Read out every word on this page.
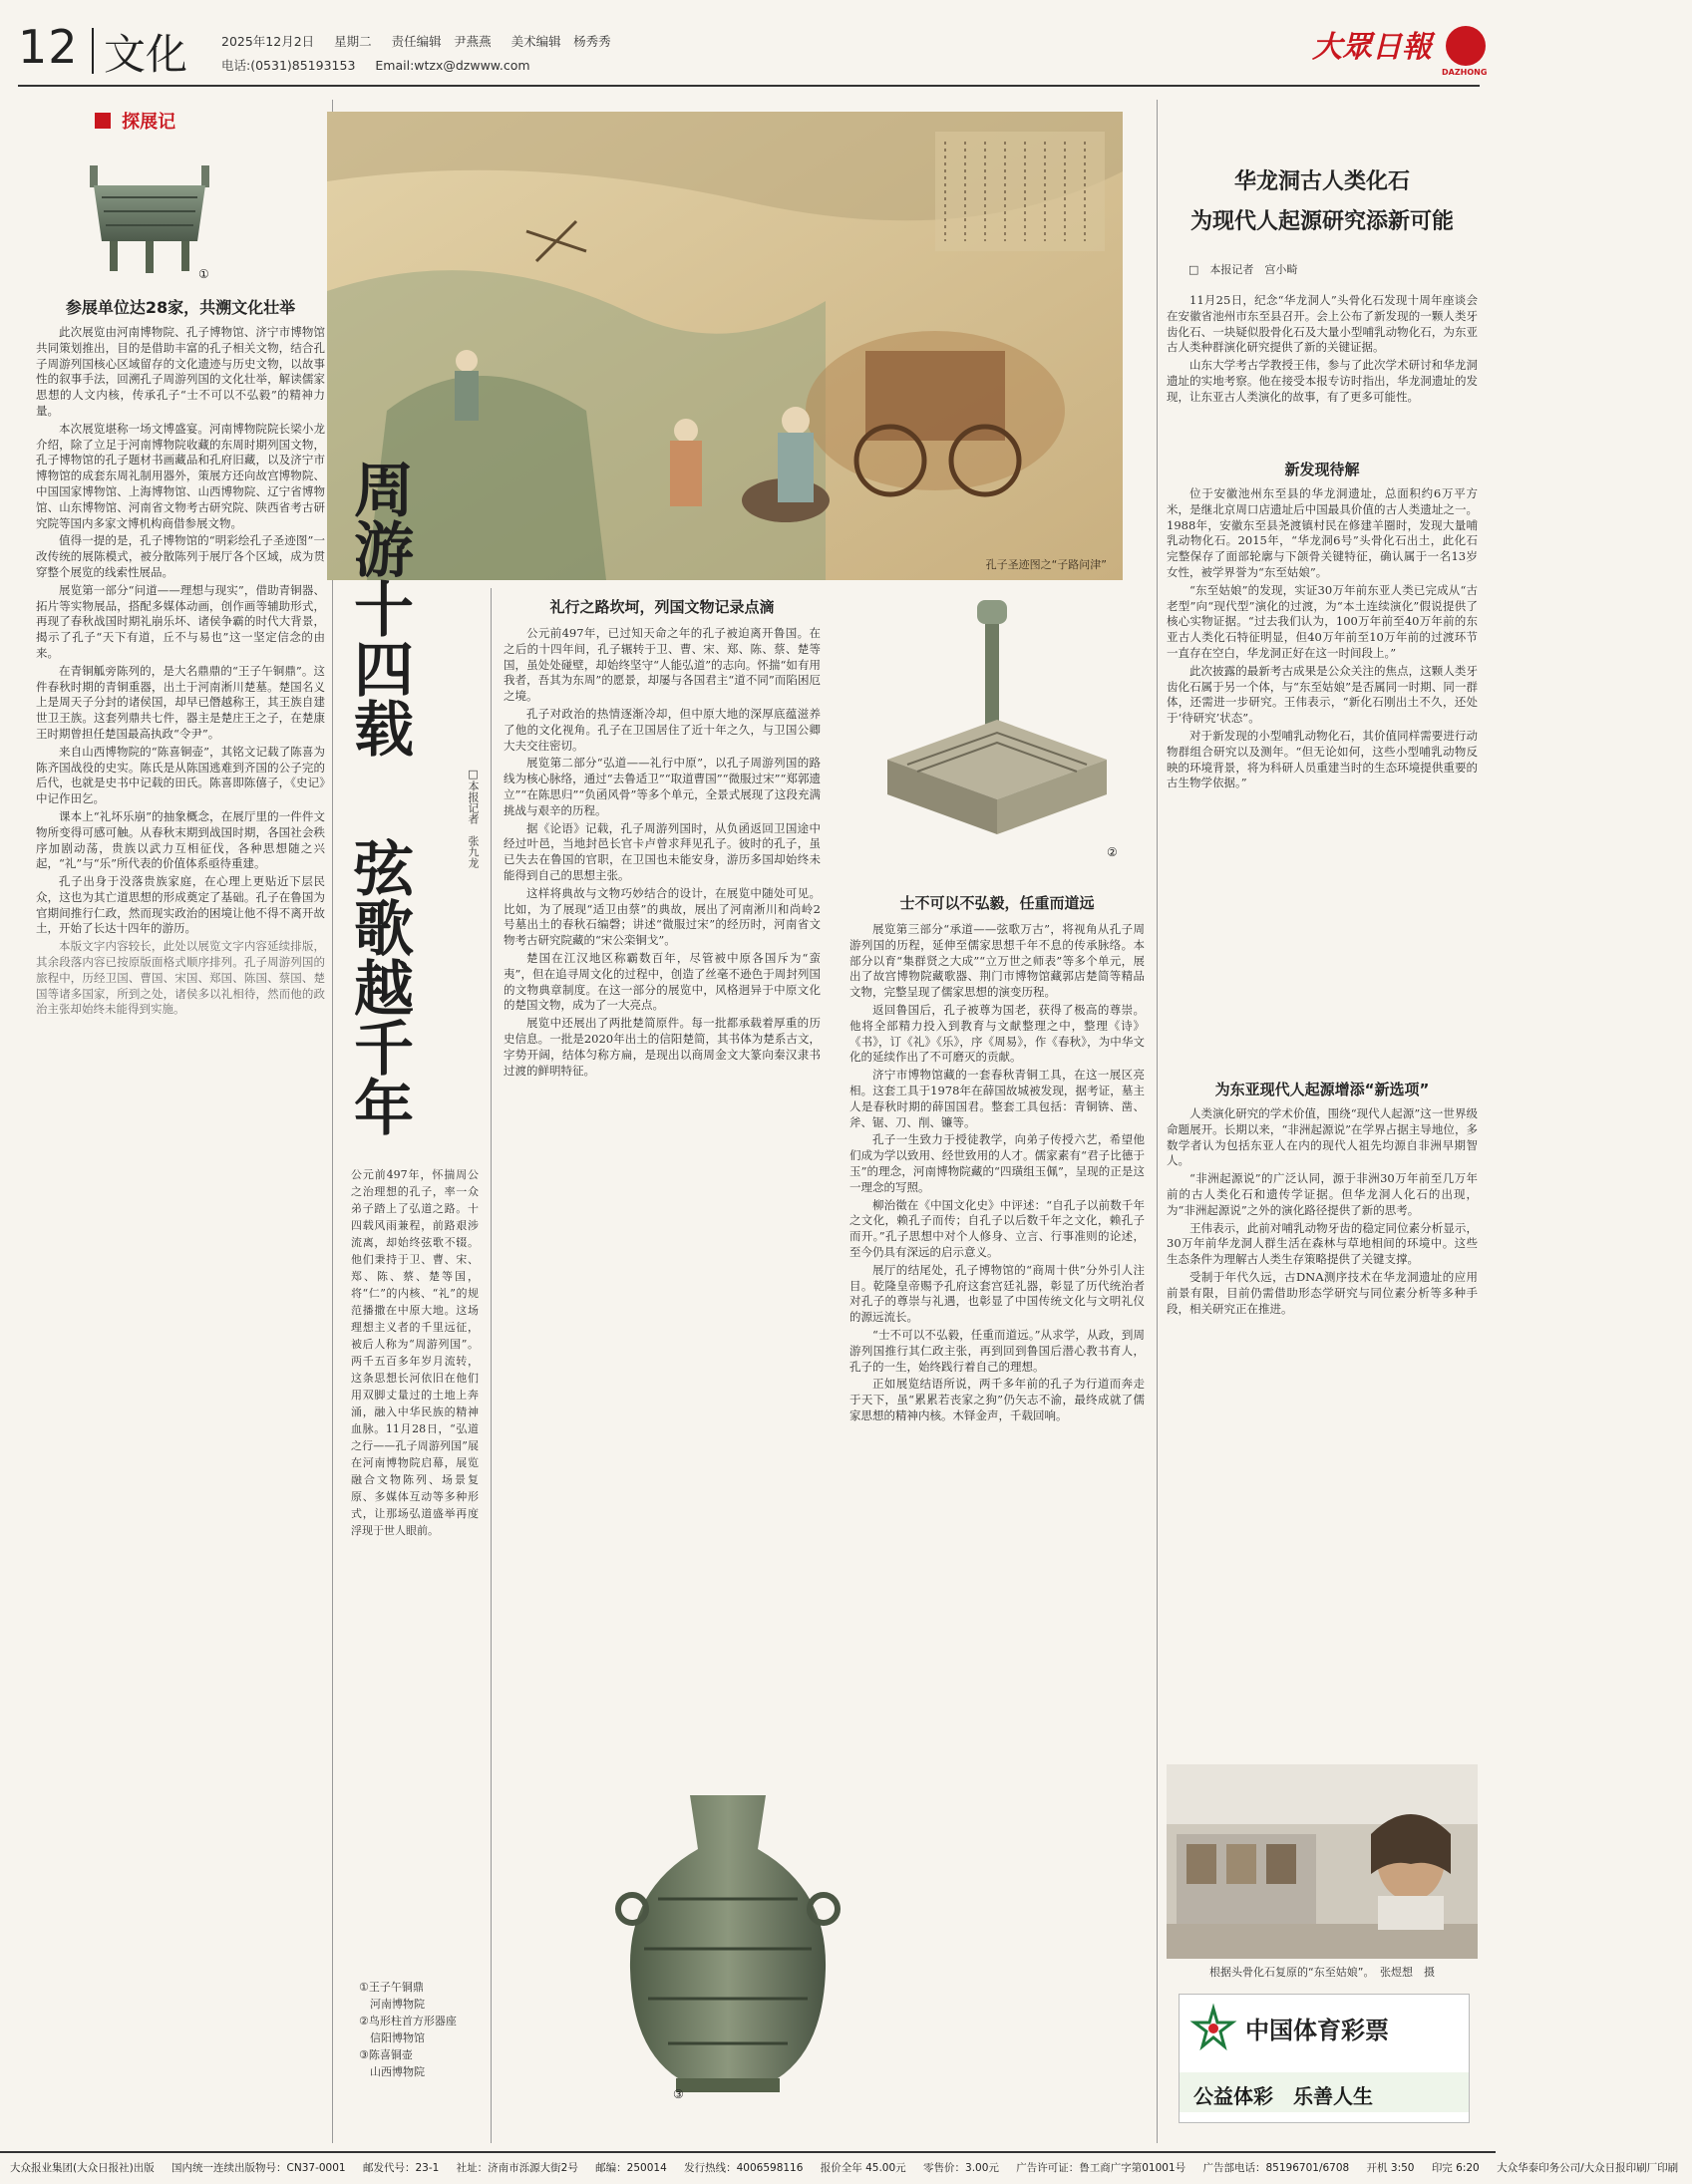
12 文化	2025年12月2日 星期二 责任编辑　尹燕燕 美术编辑　杨秀秀
电话:(0531)85193153 Email:wtzx@dzwww.com
大眾日報
DAZHONG
探展记
①
参展单位达28家，共溯文化壮举

此次展览由河南博物院、孔子博物馆、济宁市博物馆共同策划推出，目的是借助丰富的孔子相关文物，结合孔子周游列国核心区域留存的文化遗迹与历史文物，以故事性的叙事手法，回溯孔子周游列国的文化壮举，解读儒家思想的人文内核，传承孔子“士不可以不弘毅”的精神力量。

本次展览堪称一场文博盛宴。河南博物院院长梁小龙介绍，除了立足于河南博物院收藏的东周时期列国文物，孔子博物馆的孔子题材书画藏品和孔府旧藏，以及济宁市博物馆的成套东周礼制用器外，策展方还向故宫博物院、中国国家博物馆、上海博物馆、山西博物院、辽宁省博物馆、山东博物馆、河南省文物考古研究院、陕西省考古研究院等国内多家文博机构商借参展文物。

值得一提的是，孔子博物馆的“明彩绘孔子圣迹图”一改传统的展陈模式，被分散陈列于展厅各个区域，成为贯穿整个展览的线索性展品。

展览第一部分“问道——理想与现实”，借助青铜器、拓片等实物展品，搭配多媒体动画，创作画等辅助形式，再现了春秋战国时期礼崩乐坏、诸侯争霸的时代大背景，揭示了孔子“天下有道，丘不与易也”这一坚定信念的由来。

在青铜觚旁陈列的，是大名鼎鼎的“王子午铜鼎”。这件春秋时期的青铜重器，出土于河南淅川楚墓。楚国名义上是周天子分封的诸侯国，却早已僭越称王，其王族自建世卫王族。这套列鼎共七件，器主是楚庄王之子，在楚康王时期曾担任楚国最高执政“令尹”。

来自山西博物院的“陈喜铜壶”，其铭文记载了陈喜为陈齐国战役的史实。陈氏是从陈国逃难到齐国的公子完的后代，也就是史书中记载的田氏。陈喜即陈僖子，《史记》中记作田乞。

课本上“礼坏乐崩”的抽象概念，在展厅里的一件件文物所变得可感可触。从春秋末期到战国时期，各国社会秩序加剧动荡，贵族以武力互相征伐，各种思想随之兴起，“礼”与“乐”所代表的价值体系亟待重建。

孔子出身于没落贵族家庭，在心理上更贴近下层民众，这也为其亡道思想的形成奠定了基础。孔子在鲁国为官期间推行仁政，然而现实政治的困境让他不得不离开故土，开始了长达十四年的游历。

本版文字内容较长，此处以展览文字内容延续排版，其余段落内容已按原版面格式顺序排列。孔子周游列国的旅程中，历经卫国、曹国、宋国、郑国、陈国、蔡国、楚国等诸多国家，所到之处，诸侯多以礼相待，然而他的政治主张却始终未能得到实施。

孔子圣迹图之“子路问津”
周游十四载
弦歌越千年
□本报记者　张九龙

公元前497年，怀揣周公之治理想的孔子，率一众弟子踏上了弘道之路。十四载风雨兼程，前路艰涉流离，却始终弦歌不辍。他们秉持于卫、曹、宋、郑、陈、蔡、楚等国，将“仁”的内核、“礼”的规范播撒在中原大地。这场理想主义者的千里远征，被后人称为“周游列国”。两千五百多年岁月流转，这条思想长河依旧在他们用双脚丈量过的土地上奔涌，融入中华民族的精神血脉。11月28日，“弘道之行——孔子周游列国”展在河南博物院启幕，展览融合文物陈列、场景复原、多媒体互动等多种形式，让那场弘道盛举再度浮现于世人眼前。

①王子午铜鼎
　河南博物院
②鸟形柱首方形器座
　信阳博物馆
③陈喜铜壶
　山西博物院
礼行之路坎坷，列国文物记录点滴

公元前497年，已过知天命之年的孔子被迫离开鲁国。在之后的十四年间，孔子辗转于卫、曹、宋、郑、陈、蔡、楚等国，虽处处碰壁，却始终坚守“人能弘道”的志向。怀揣“如有用我者，吾其为东周”的愿景，却屡与各国君主“道不同”而陷困厄之境。

孔子对政治的热情逐渐冷却，但中原大地的深厚底蕴滋养了他的文化视角。孔子在卫国居住了近十年之久，与卫国公卿大夫交往密切。

展览第二部分“弘道——礼行中原”，以孔子周游列国的路线为核心脉络，通过“去鲁适卫”“取道曹国”“微服过宋”“郑郭遗立”“在陈思归”“负函风骨”等多个单元，全景式展现了这段充满挑战与艰辛的历程。

据《论语》记载，孔子周游列国时，从负函返回卫国途中经过叶邑，当地封邑长官卡卢曾求拜见孔子。彼时的孔子，虽已失去在鲁国的官职，在卫国也未能安身，游历多国却始终未能得到自己的思想主张。

这样将典故与文物巧妙结合的设计，在展览中随处可见。比如，为了展现“适卫由蔡”的典故，展出了河南淅川和尚岭2号墓出土的春秋石编磬；讲述“微服过宋”的经历时，河南省文物考古研究院藏的“宋公栾铜戈”。

楚国在江汉地区称霸数百年，尽管被中原各国斥为“蛮夷”，但在追寻周文化的过程中，创造了丝毫不逊色于周封列国的文物典章制度。在这一部分的展览中，风格迥异于中原文化的楚国文物，成为了一大亮点。

展览中还展出了两批楚简原件。每一批都承载着厚重的历史信息。一批是2020年出土的信阳楚简，其书体为楚系古文，字势开阔，结体匀称方扁，是现出以商周金文大篆向秦汉隶书过渡的鲜明特征。

③
②
士不可以不弘毅，任重而道远

展览第三部分“承道——弦歌万古”，将视角从孔子周游列国的历程，延伸至儒家思想千年不息的传承脉络。本部分以育“集群贤之大成”“立万世之师表”等多个单元，展出了故宫博物院藏歌器、荆门市博物馆藏郭店楚简等精品文物，完整呈现了儒家思想的演变历程。

返回鲁国后，孔子被尊为国老，获得了极高的尊崇。他将全部精力投入到教育与文献整理之中，整理《诗》《书》，订《礼》《乐》，序《周易》，作《春秋》，为中华文化的延续作出了不可磨灭的贡献。

济宁市博物馆藏的一套春秋青铜工具，在这一展区亮相。这套工具于1978年在薛国故城被发现，据考证，墓主人是春秋时期的薛国国君。整套工具包括：青铜锛、凿、斧、锯、刀、削、镰等。

孔子一生致力于授徒教学，向弟子传授六艺，希望他们成为学以致用、经世致用的人才。儒家素有“君子比德于玉”的理念，河南博物院藏的“四璜组玉佩”，呈现的正是这一理念的写照。

柳治徵在《中国文化史》中评述：“自孔子以前数千年之文化，赖孔子而传；自孔子以后数千年之文化，赖孔子而开。”孔子思想中对个人修身、立言、行事准则的论述，至今仍具有深远的启示意义。

展厅的结尾处，孔子博物馆的“商周十供”分外引人注目。乾隆皇帝赐予孔府这套宫廷礼器，彰显了历代统治者对孔子的尊崇与礼遇，也彰显了中国传统文化与文明礼仪的源远流长。

“士不可以不弘毅，任重而道远。”从求学，从政，到周游列国推行其仁政主张，再到回到鲁国后潜心教书育人，孔子的一生，始终践行着自己的理想。

正如展览结语所说，两千多年前的孔子为行道而奔走于天下，虽“累累若丧家之狗”仍矢志不渝，最终成就了儒家思想的精神内核。木铎金声，千载回响。

华龙洞古人类化石
为现代人起源研究添新可能
□　本报记者　宫小畸

11月25日，纪念“华龙洞人”头骨化石发现十周年座谈会在安徽省池州市东至县召开。会上公布了新发现的一颗人类牙齿化石、一块疑似股骨化石及大量小型哺乳动物化石，为东亚古人类种群演化研究提供了新的关键证据。

山东大学考古学教授王伟，参与了此次学术研讨和华龙洞遗址的实地考察。他在接受本报专访时指出，华龙洞遗址的发现，让东亚古人类演化的故事，有了更多可能性。

新发现待解

位于安徽池州东至县的华龙洞遗址，总面积约6万平方米，是继北京周口店遗址后中国最具价值的古人类遗址之一。1988年，安徽东至县尧渡镇村民在修建羊圈时，发现大量哺乳动物化石。2015年，“华龙洞6号”头骨化石出土，此化石完整保存了面部轮廓与下颌骨关键特征，确认属于一名13岁女性，被学界誉为“东至姑娘”。

“东至姑娘”的发现，实证30万年前东亚人类已完成从“古老型”向“现代型”演化的过渡，为“本土连续演化”假说提供了核心实物证据。“过去我们认为，100万年前至40万年前的东亚古人类化石特征明显，但40万年前至10万年前的过渡环节一直存在空白，华龙洞正好在这一时间段上。”

此次披露的最新考古成果是公众关注的焦点，这颗人类牙齿化石属于另一个体，与“东至姑娘”是否属同一时期、同一群体，还需进一步研究。王伟表示，“新化石刚出土不久，还处于‘待研究’状态”。

对于新发现的小型哺乳动物化石，其价值同样需要进行动物群组合研究以及测年。“但无论如何，这些小型哺乳动物反映的环境背景，将为科研人员重建当时的生态环境提供重要的古生物学依据。”

为东亚现代人起源增添“新选项”

人类演化研究的学术价值，围绕“现代人起源”这一世界级命题展开。长期以来，“非洲起源说”在学界占据主导地位，多数学者认为包括东亚人在内的现代人祖先均源自非洲早期智人。

“非洲起源说”的广泛认同，源于非洲30万年前至几万年前的古人类化石和遗传学证据。但华龙洞人化石的出现，为“非洲起源说”之外的演化路径提供了新的思考。

王伟表示，此前对哺乳动物牙齿的稳定同位素分析显示，30万年前华龙洞人群生活在森林与草地相间的环境中。这些生态条件为理解古人类生存策略提供了关键支撑。

受制于年代久远，古DNA测序技术在华龙洞遗址的应用前景有限，目前仍需借助形态学研究与同位素分析等多种手段，相关研究正在推进。

根据头骨化石复原的“东至姑娘”。　张煜想　摄
中国体育彩票
公益体彩　乐善人生
大众报业集团(大众日报社)出版 国内统一连续出版物号：CN37-0001 邮发代号：23-1 社址：济南市泺源大街2号 邮编：250014 发行热线：4006598116 报价全年 45.00元 零售价：3.00元 广告许可证：鲁工商广字第01001号 广告部电话：85196701/6708 开机 3:50 印完 6:20 大众华泰印务公司/大众日报印刷厂印刷
